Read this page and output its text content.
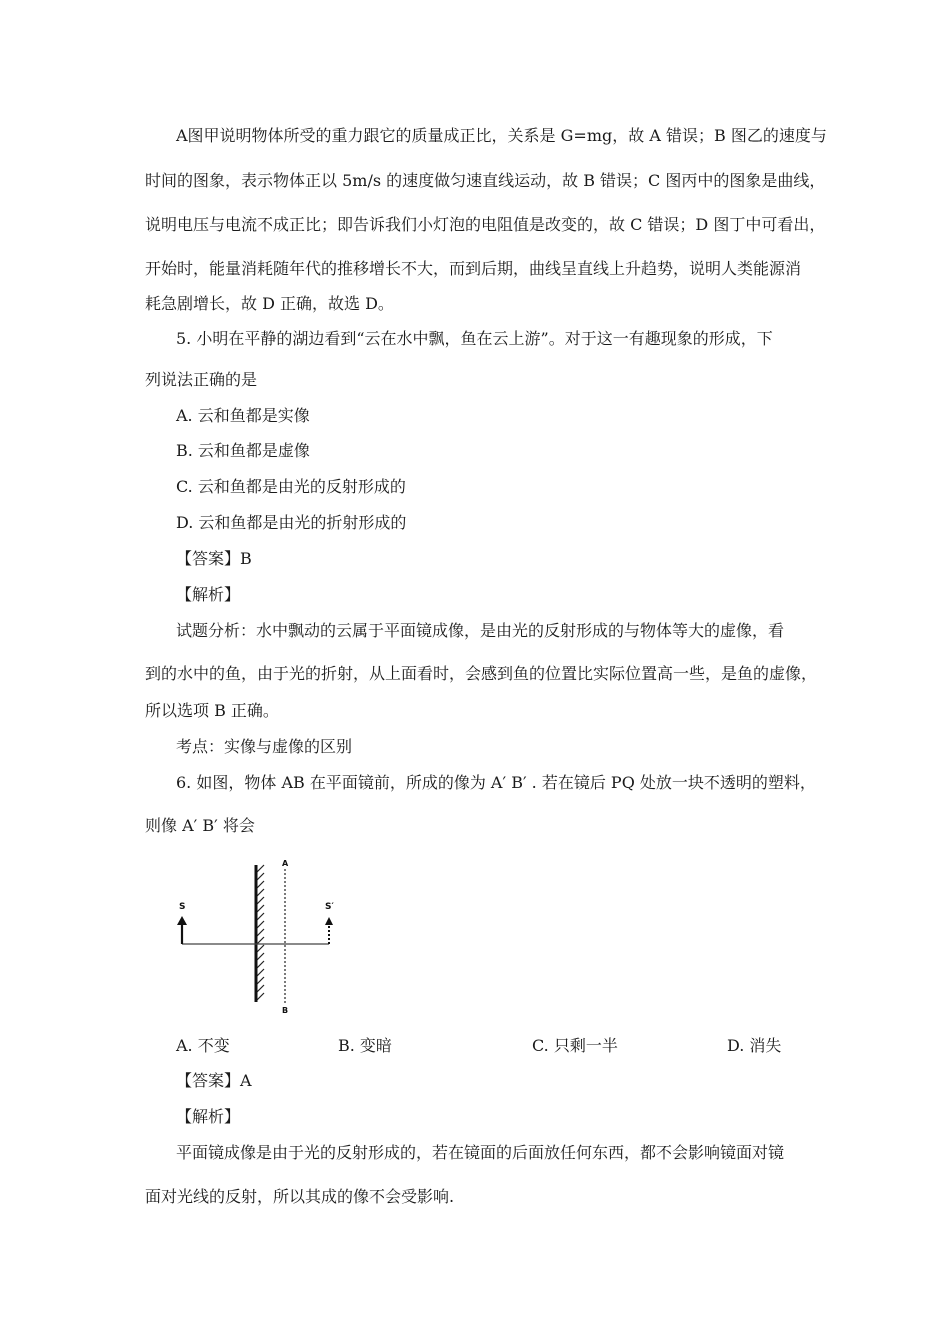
A图甲说明物体所受的重力跟它的质量成正比，关系是 G=mg，故 A 错误；B 图乙的速度与
时间的图象，表示物体正以 5m/s 的速度做匀速直线运动，故 B 错误；C 图丙中的图象是曲线，
说明电压与电流不成正比；即告诉我们小灯泡的电阻值是改变的，故 C 错误；D 图丁中可看出，
开始时，能量消耗随年代的推移增长不大，而到后期，曲线呈直线上升趋势，说明人类能源消
耗急剧增长，故 D 正确，故选 D。
5. 小明在平静的湖边看到“云在水中飘，鱼在云上游”。对于这一有趣现象的形成，下
列说法正确的是
A. 云和鱼都是实像
B. 云和鱼都是虚像
C. 云和鱼都是由光的反射形成的
D. 云和鱼都是由光的折射形成的
【答案】B
【解析】
试题分析：水中飘动的云属于平面镜成像，是由光的反射形成的与物体等大的虚像，看
到的水中的鱼，由于光的折射，从上面看时，会感到鱼的位置比实际位置高一些，是鱼的虚像，
所以选项 B 正确。
考点：实像与虚像的区别
6. 如图，物体 AB 在平面镜前，所成的像为 A′ B′ . 若在镜后 PQ 处放一块不透明的塑料，
则像 A′ B′ 将会
S	S′
A
B
A. 不变	B. 变暗	C. 只剩一半	D. 消失
【答案】A
【解析】
平面镜成像是由于光的反射形成的，若在镜面的后面放任何东西，都不会影响镜面对镜
面对光线的反射，所以其成的像不会受影响.
